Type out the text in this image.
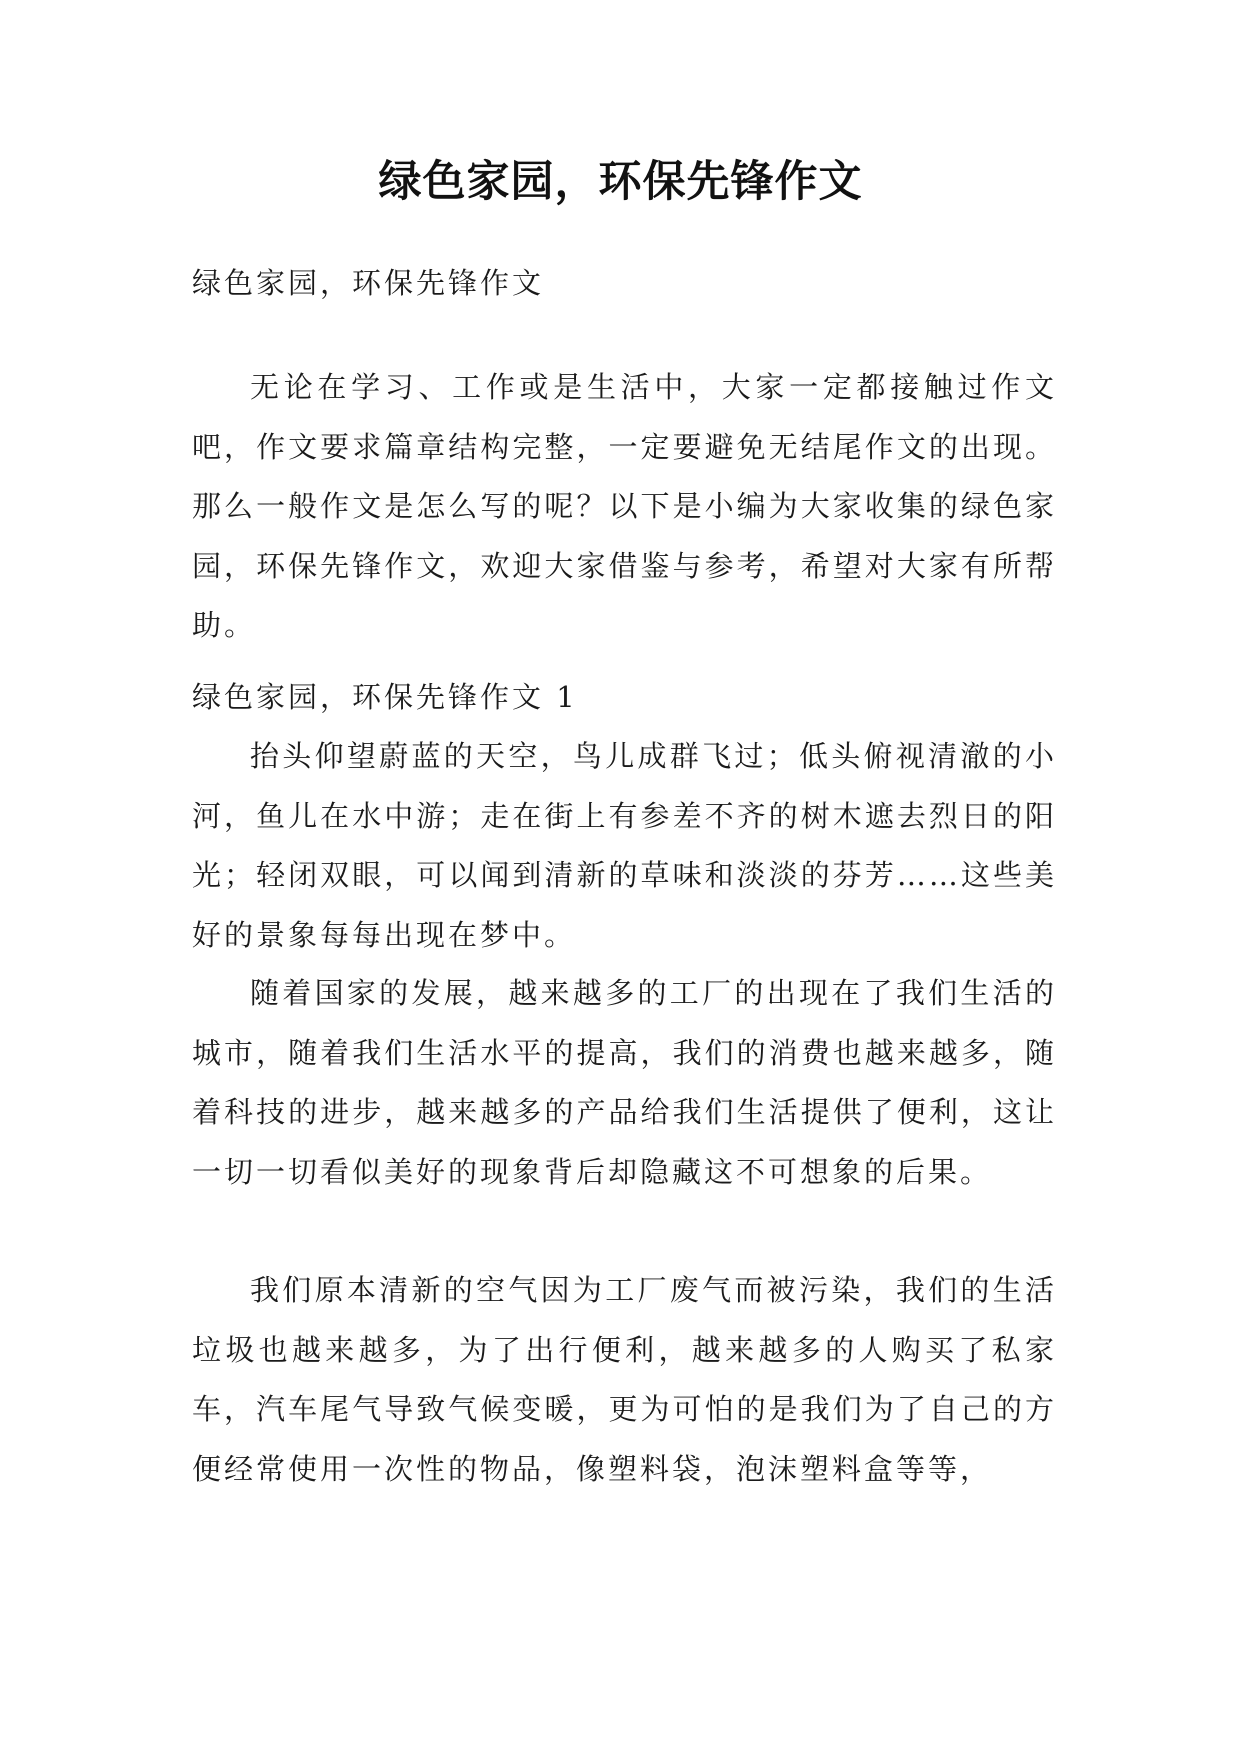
绿色家园，环保先锋作文
绿色家园，环保先锋作文
无论在学习、工作或是生活中，大家一定都接触过作文吧，作文要求篇章结构完整，一定要避免无结尾作文的出现。那么一般作文是怎么写的呢？以下是小编为大家收集的绿色家园，环保先锋作文，欢迎大家借鉴与参考，希望对大家有所帮助。
绿色家园，环保先锋作文 1
抬头仰望蔚蓝的天空，鸟儿成群飞过；低头俯视清澈的小河，鱼儿在水中游；走在街上有参差不齐的树木遮去烈日的阳光；轻闭双眼，可以闻到清新的草味和淡淡的芬芳……这些美好的景象每每出现在梦中。
随着国家的发展，越来越多的工厂的出现在了我们生活的城市，随着我们生活水平的提高，我们的消费也越来越多，随着科技的进步，越来越多的产品给我们生活提供了便利，这让一切一切看似美好的现象背后却隐藏这不可想象的后果。
我们原本清新的空气因为工厂废气而被污染，我们的生活垃圾也越来越多，为了出行便利，越来越多的人购买了私家车，汽车尾气导致气候变暖，更为可怕的是我们为了自己的方便经常使用一次性的物品，像塑料袋，泡沫塑料盒等等，
